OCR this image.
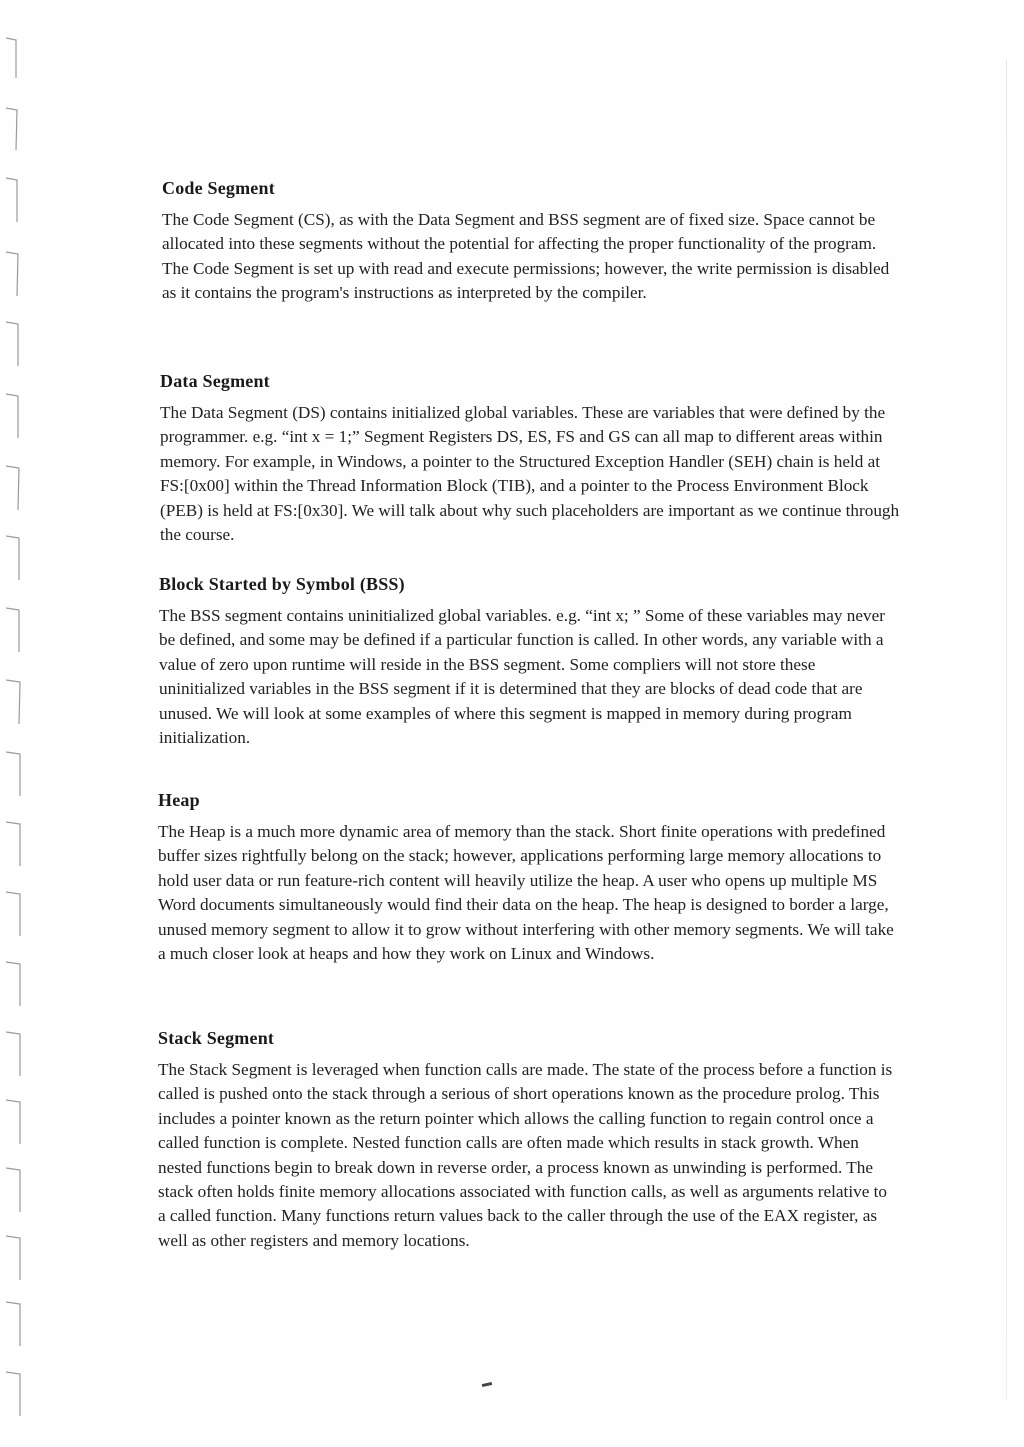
Code Segment

The Code Segment (CS), as with the Data Segment and BSS segment are of fixed size. Space cannot be allocated into these segments without the potential for affecting the proper functionality of the program. The Code Segment is set up with read and execute permissions; however, the write permission is disabled as it contains the program's instructions as interpreted by the compiler.

Data Segment

The Data Segment (DS) contains initialized global variables. These are variables that were defined by the programmer. e.g. “int x = 1;” Segment Registers DS, ES, FS and GS can all map to different areas within memory. For example, in Windows, a pointer to the Structured Exception Handler (SEH) chain is held at FS:[0x00] within the Thread Information Block (TIB), and a pointer to the Process Environment Block (PEB) is held at FS:[0x30]. We will talk about why such placeholders are important as we continue through the course.

Block Started by Symbol (BSS)

The BSS segment contains uninitialized global variables. e.g. “int x; ” Some of these variables may never be defined, and some may be defined if a particular function is called. In other words, any variable with a value of zero upon runtime will reside in the BSS segment. Some compliers will not store these uninitialized variables in the BSS segment if it is determined that they are blocks of dead code that are unused. We will look at some examples of where this segment is mapped in memory during program initialization.

Heap

The Heap is a much more dynamic area of memory than the stack. Short finite operations with predefined buffer sizes rightfully belong on the stack; however, applications performing large memory allocations to hold user data or run feature-rich content will heavily utilize the heap. A user who opens up multiple MS Word documents simultaneously would find their data on the heap. The heap is designed to border a large, unused memory segment to allow it to grow without interfering with other memory segments. We will take a much closer look at heaps and how they work on Linux and Windows.

Stack Segment

The Stack Segment is leveraged when function calls are made. The state of the process before a function is called is pushed onto the stack through a serious of short operations known as the procedure prolog. This includes a pointer known as the return pointer which allows the calling function to regain control once a called function is complete. Nested function calls are often made which results in stack growth. When nested functions begin to break down in reverse order, a process known as unwinding is performed. The stack often holds finite memory allocations associated with function calls, as well as arguments relative to a called function. Many functions return values back to the caller through the use of the EAX register, as well as other registers and memory locations.
